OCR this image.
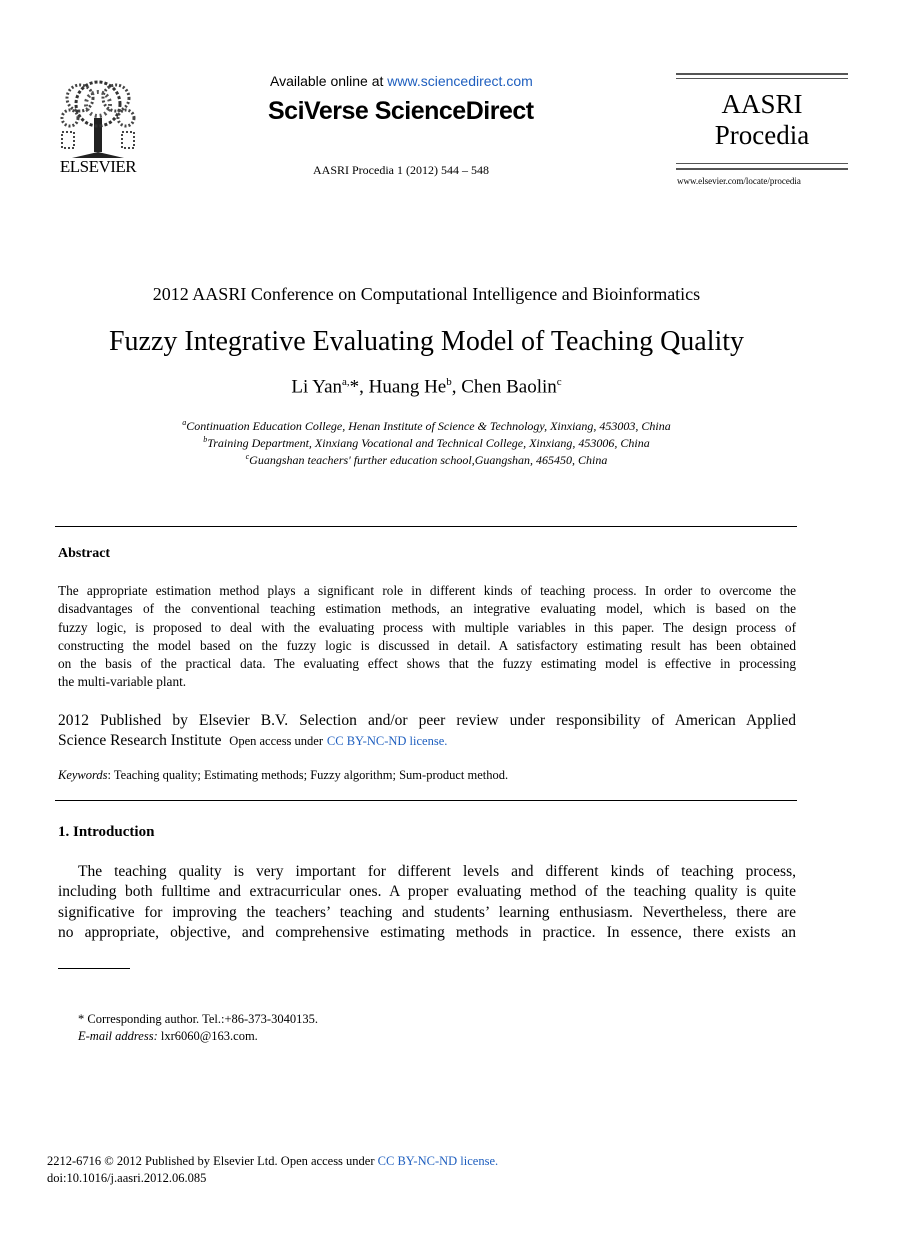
ELSEVIER
Available online at www.sciencedirect.com
SciVerse ScienceDirect
AASRI Procedia 1 (2012) 544 – 548
AASRI
Procedia
www.elsevier.com/locate/procedia
2012 AASRI Conference on Computational Intelligence and Bioinformatics
Fuzzy Integrative Evaluating Model of Teaching Quality
Li Yan$^{a,}$*, Huang He$^b$, Chen Baolin$^c$
$^a$Continuation Education College, Henan Institute of Science & Technology, Xinxiang, 453003, China
$^b$Training Department, Xinxiang Vocational and Technical College, Xinxiang, 453006, China
$^c$Guangshan teachers' further education school,Guangshan, 465450, China
Abstract
The appropriate estimation method plays a significant role in different kinds of teaching process. In order to overcome the
disadvantages of the conventional teaching estimation methods, an integrative evaluating model, which is based on the
fuzzy logic, is proposed to deal with the evaluating process with multiple variables in this paper. The design process of
constructing the model based on the fuzzy logic is discussed in detail. A satisfactory estimating result has been obtained
on the basis of the practical data. The evaluating effect shows that the fuzzy estimating model is effective in processing
the multi-variable plant.
2012 Published by Elsevier B.V. Selection and/or peer review under responsibility of American Applied
Science Research Institute Open access under CC BY-NC-ND license.
Keywords: Teaching quality; Estimating methods; Fuzzy algorithm; Sum-product method.
1. Introduction
The teaching quality is very important for different levels and different kinds of teaching process,
including both fulltime and extracurricular ones. A proper evaluating method of the teaching quality is quite
significative for improving the teachers’ teaching and students’ learning enthusiasm. Nevertheless, there are
no appropriate, objective, and comprehensive estimating methods in practice. In essence, there exists an
* Corresponding author. Tel.:+86-373-3040135.
E-mail address: lxr6060@163.com.
2212-6716 © 2012 Published by Elsevier Ltd. Open access under CC BY-NC-ND license.
doi:10.1016/j.aasri.2012.06.085
